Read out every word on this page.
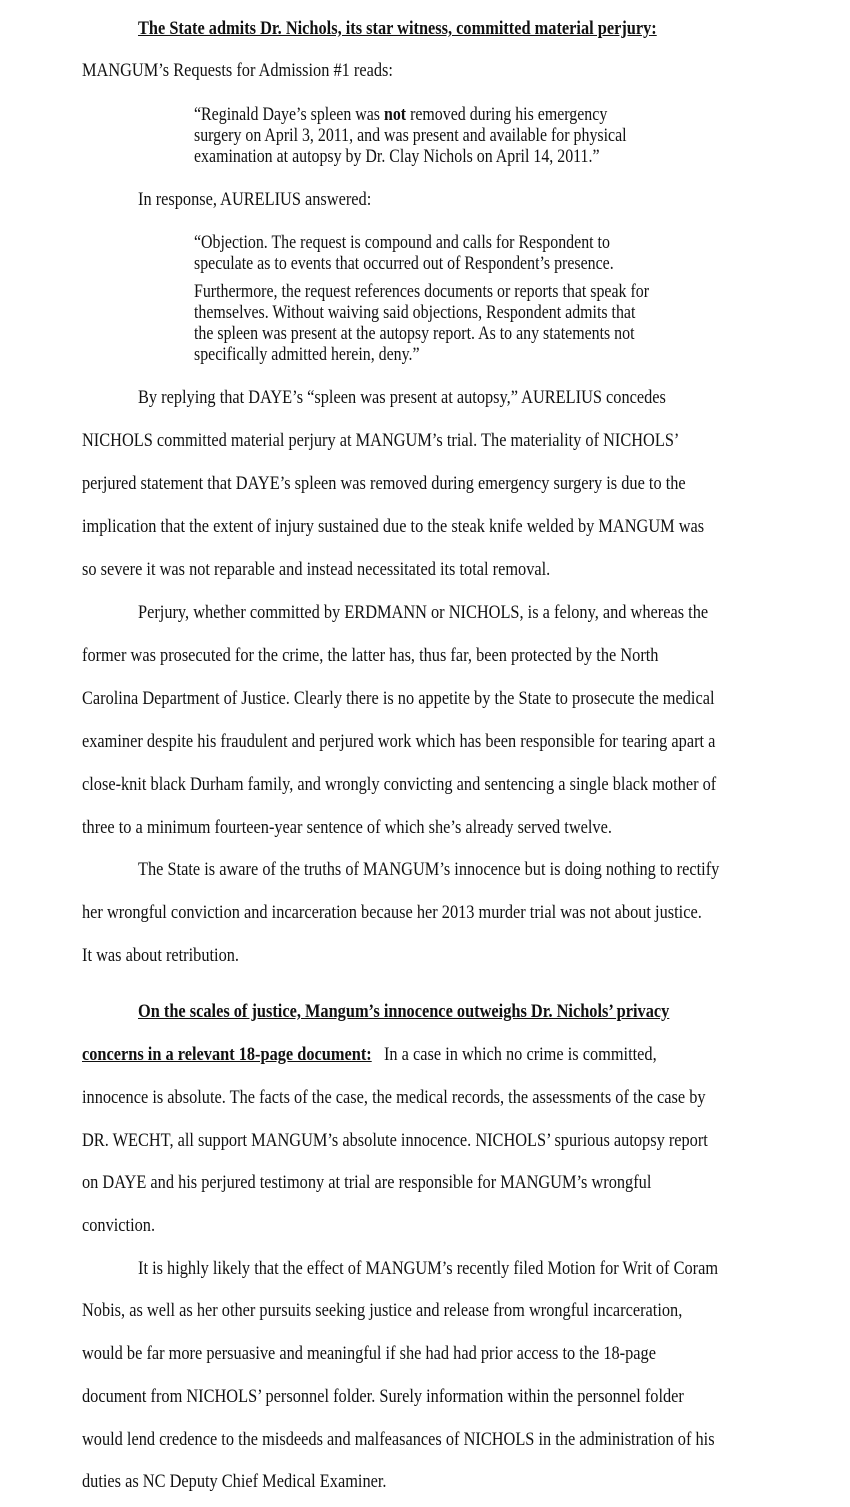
The State admits Dr. Nichols, its star witness, committed material perjury:
MANGUM’s Requests for Admission #1 reads:
“Reginald Daye’s spleen was not removed during his emergency
surgery on April 3, 2011, and was present and available for physical
examination at autopsy by Dr. Clay Nichols on April 14, 2011.”
In response, AURELIUS answered:
“Objection. The request is compound and calls for Respondent to
speculate as to events that occurred out of Respondent’s presence.
Furthermore, the request references documents or reports that speak for
themselves. Without waiving said objections, Respondent admits that
the spleen was present at the autopsy report. As to any statements not
specifically admitted herein, deny.”
By replying that DAYE’s “spleen was present at autopsy,” AURELIUS concedes
NICHOLS committed material perjury at MANGUM’s trial. The materiality of NICHOLS’
perjured statement that DAYE’s spleen was removed during emergency surgery is due to the
implication that the extent of injury sustained due to the steak knife welded by MANGUM was
so severe it was not reparable and instead necessitated its total removal.
Perjury, whether committed by ERDMANN or NICHOLS, is a felony, and whereas the
former was prosecuted for the crime, the latter has, thus far, been protected by the North
Carolina Department of Justice. Clearly there is no appetite by the State to prosecute the medical
examiner despite his fraudulent and perjured work which has been responsible for tearing apart a
close-knit black Durham family, and wrongly convicting and sentencing a single black mother of
three to a minimum fourteen-year sentence of which she’s already served twelve.
The State is aware of the truths of MANGUM’s innocence but is doing nothing to rectify
her wrongful conviction and incarceration because her 2013 murder trial was not about justice.
It was about retribution.
On the scales of justice, Mangum’s innocence outweighs Dr. Nichols’ privacy
concerns in a relevant 18-page document:   In a case in which no crime is committed,
innocence is absolute. The facts of the case, the medical records, the assessments of the case by
DR. WECHT, all support MANGUM’s absolute innocence. NICHOLS’ spurious autopsy report
on DAYE and his perjured testimony at trial are responsible for MANGUM’s wrongful
conviction.
It is highly likely that the effect of MANGUM’s recently filed Motion for Writ of Coram
Nobis, as well as her other pursuits seeking justice and release from wrongful incarceration,
would be far more persuasive and meaningful if she had had prior access to the 18-page
document from NICHOLS’ personnel folder. Surely information within the personnel folder
would lend credence to the misdeeds and malfeasances of NICHOLS in the administration of his
duties as NC Deputy Chief Medical Examiner.
